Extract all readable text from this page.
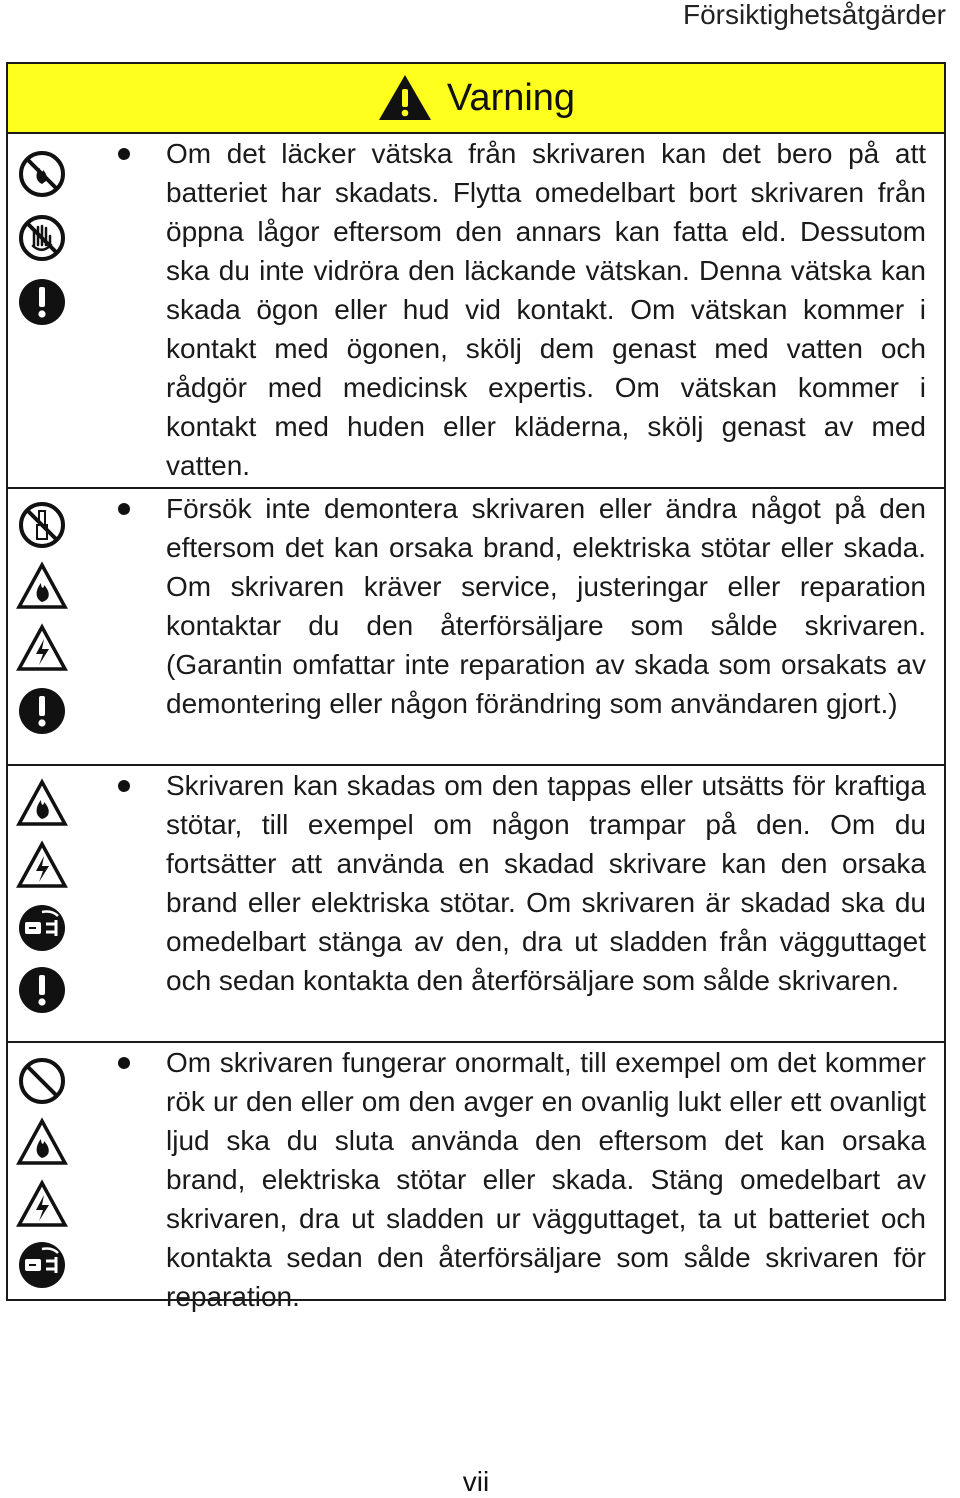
Försiktighetsåtgärder
Varning
Om det läcker vätska från skrivaren kan det bero på att batteriet har skadats. Flytta omedelbart bort skrivaren från öppna lågor eftersom den annars kan fatta eld. Dessutom ska du inte vidröra den läckande vätskan. Denna vätska kan skada ögon eller hud vid kontakt. Om vätskan kommer i kontakt med ögonen, skölj dem genast med vatten och rådgör med medicinsk expertis. Om vätskan kommer i kontakt med huden eller kläderna, skölj genast av med vatten.
Försök inte demontera skrivaren eller ändra något på den eftersom det kan orsaka brand, elektriska stötar eller skada. Om skrivaren kräver service, justeringar eller reparation kontaktar du den återförsäljare som sålde skrivaren. (Garantin omfattar inte reparation av skada som orsakats av demontering eller någon förändring som användaren gjort.)
Skrivaren kan skadas om den tappas eller utsätts för kraftiga stötar, till exempel om någon trampar på den. Om du fortsätter att använda en skadad skrivare kan den orsaka brand eller elektriska stötar. Om skrivaren är skadad ska du omedelbart stänga av den, dra ut sladden från vägguttaget och sedan kontakta den återförsäljare som sålde skrivaren.
Om skrivaren fungerar onormalt, till exempel om det kommer rök ur den eller om den avger en ovanlig lukt eller ett ovanligt ljud ska du sluta använda den eftersom det kan orsaka brand, elektriska stötar eller skada. Stäng omedelbart av skrivaren, dra ut sladden ur vägguttaget, ta ut batteriet och kontakta sedan den återförsäljare som sålde skrivaren för reparation.
vii
